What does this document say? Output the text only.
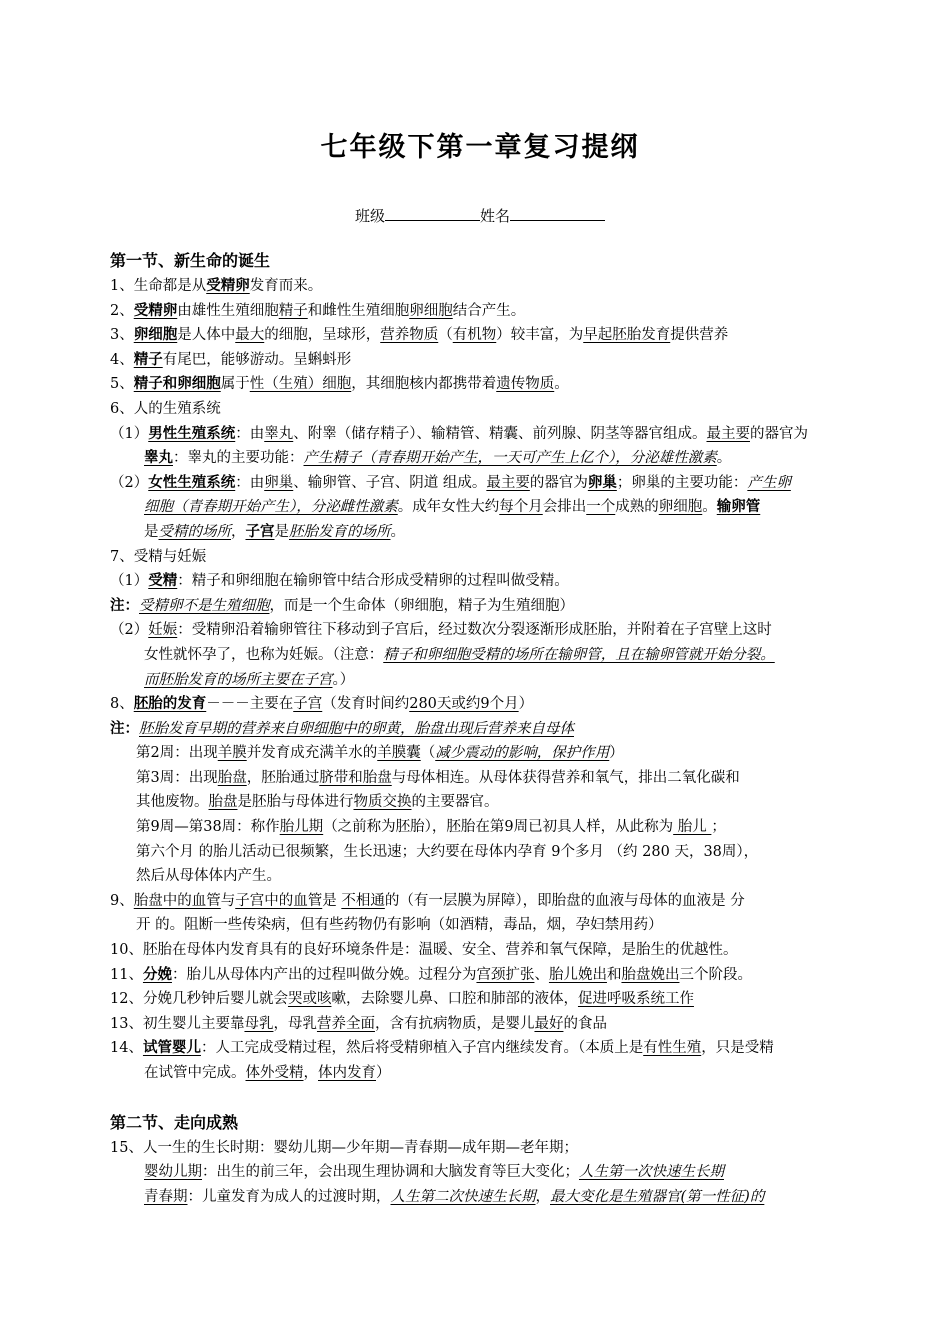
七年级下第一章复习提纲
班级	姓名
第一节、新生命的诞生
1、生命都是从受精卵发育而来。
2、受精卵由雄性生殖细胞精子和雌性生殖细胞卵细胞结合产生。
3、卵细胞是人体中最大的细胞，呈球形，营养物质（有机物）较丰富，为早起胚胎发育提供营养
4、精子有尾巴，能够游动。呈蝌蚪形
5、精子和卵细胞属于性（生殖）细胞，其细胞核内都携带着遗传物质。
6、人的生殖系统
（1）男性生殖系统：由睾丸、附睾（储存精子）、输精管、精囊、前列腺、阴茎等器官组成。最主要的器官为
睾丸：睾丸的主要功能：产生精子（青春期开始产生，一天可产生上亿个），分泌雄性激素。
（2）女性生殖系统：由卵巢、输卵管、子宫、阴道 组成。最主要的器官为卵巢；卵巢的主要功能：产生卵
细胞（青春期开始产生），分泌雌性激素。成年女性大约每个月会排出一个成熟的卵细胞。输卵管
是受精的场所，子宫是胚胎发育的场所。
7、受精与妊娠
（1）受精：精子和卵细胞在输卵管中结合形成受精卵的过程叫做受精。
注：受精卵不是生殖细胞，而是一个生命体（卵细胞，精子为生殖细胞）
（2）妊娠：受精卵沿着输卵管往下移动到子宫后，经过数次分裂逐渐形成胚胎，并附着在子宫壁上这时
女性就怀孕了，也称为妊娠。（注意：精子和卵细胞受精的场所在输卵管，且在输卵管就开始分裂。
而胚胎发育的场所主要在子宫。）
8、胚胎的发育－－－主要在子宫（发育时间约280天或约9个月）
注：胚胎发育早期的营养来自卵细胞中的卵黄，胎盘出现后营养来自母体
第2周：出现羊膜并发育成充满羊水的羊膜囊（减少震动的影响，保护作用）
第3周：出现胎盘，胚胎通过脐带和胎盘与母体相连。从母体获得营养和氧气，排出二氧化碳和
其他废物。胎盘是胚胎与母体进行物质交换的主要器官。
第9周—第38周：称作胎儿期（之前称为胚胎），胚胎在第9周已初具人样，从此称为 胎儿 ；
第六个月 的胎儿活动已很频繁，生长迅速；大约要在母体内孕育 9个多月 （约 280 天，38周），
然后从母体体内产生。
9、胎盘中的血管与子宫中的血管是 不相通的（有一层膜为屏障），即胎盘的血液与母体的血液是 分
开 的。阻断一些传染病，但有些药物仍有影响（如酒精，毒品，烟，孕妇禁用药）
10、胚胎在母体内发育具有的良好环境条件是：温暖、安全、营养和氧气保障，是胎生的优越性。
11、分娩：胎儿从母体内产出的过程叫做分娩。过程分为宫颈扩张、胎儿娩出和胎盘娩出三个阶段。
12、分娩几秒钟后婴儿就会哭或咳嗽，去除婴儿鼻、口腔和肺部的液体，促进呼吸系统工作
13、初生婴儿主要靠母乳，母乳营养全面，含有抗病物质，是婴儿最好的食品
14、试管婴儿：人工完成受精过程，然后将受精卵植入子宫内继续发育。（本质上是有性生殖，只是受精
在试管中完成。体外受精，体内发育）
第二节、走向成熟
15、人一生的生长时期：婴幼儿期—少年期—青春期—成年期—老年期；
婴幼儿期：出生的前三年，会出现生理协调和大脑发育等巨大变化；人生第一次快速生长期
青春期：儿童发育为成人的过渡时期，人生第二次快速生长期，最大变化是生殖器官(第一性征)的
